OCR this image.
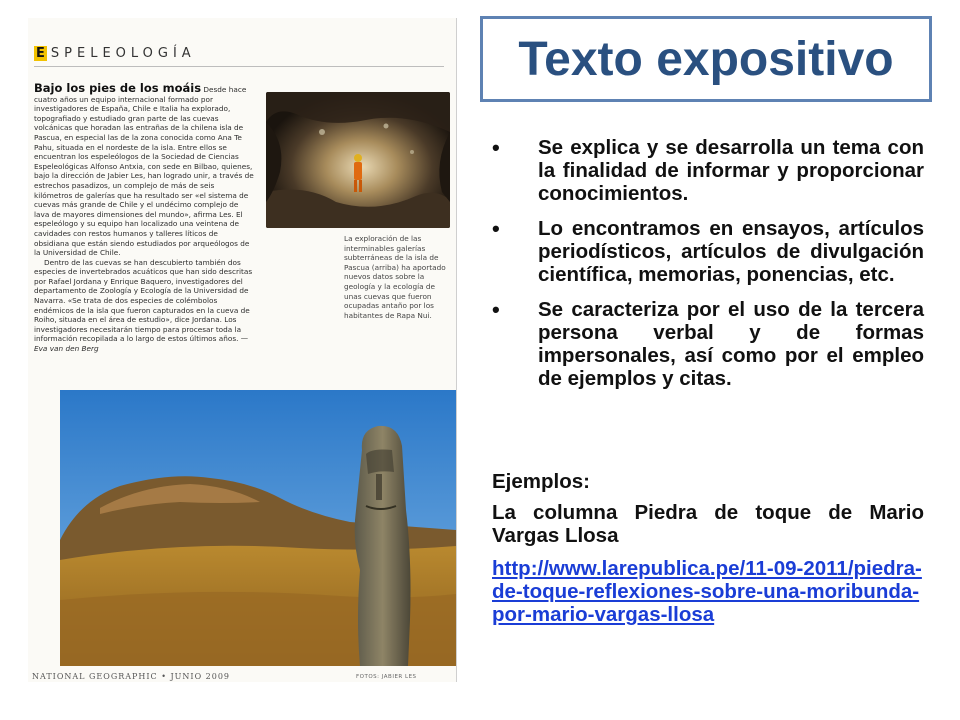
E SPELEOLOGÍA

Bajo los pies de los moáis Desde hace cuatro años un equipo internacional formado por investigadores de España, Chile e Italia ha explorado, topografiado y estudiado gran parte de las cuevas volcánicas que horadan las entrañas de la chilena isla de Pascua, en especial las de la zona conocida como Ana Te Pahu, situada en el nordeste de la isla. Entre ellos se encuentran los espeleólogos de la Sociedad de Ciencias Espeleológicas Alfonso Antxia, con sede en Bilbao, quienes, bajo la dirección de Jabier Les, han logrado unir, a través de estrechos pasadizos, un complejo de más de seis kilómetros de galerías que ha resultado ser «el sistema de cuevas más grande de Chile y el undécimo complejo de lava de mayores dimensiones del mundo», afirma Les. El espeleólogo y su equipo han localizado una veintena de cavidades con restos humanos y talleres líticos de obsidiana que están siendo estudiados por arqueólogos de la Universidad de Chile.

Dentro de las cuevas se han descubierto también dos especies de invertebrados acuáticos que han sido descritas por Rafael Jordana y Enrique Baquero, investigadores del departamento de Zoología y Ecología de la Universidad de Navarra. «Se trata de dos especies de colémbolos endémicos de la isla que fueron capturados en la cueva de Roiho, situada en el área de estudio», dice Jordana. Los investigadores necesitarán tiempo para procesar toda la información recopilada a lo largo de estos últimos años. —Eva van den Berg

La exploración de las interminables galerías subterráneas de la isla de Pascua (arriba) ha aportado nuevos datos sobre la geología y la ecología de unas cuevas que fueron ocupadas antaño por los habitantes de Rapa Nui.
NATIONAL GEOGRAPHIC • JUNIO 2009	FOTOS: JABIER LES
Texto expositivo
• Se explica y se desarrolla un tema con la finalidad de informar y proporcionar conocimientos.
• Lo encontramos en ensayos, artículos periodísticos, artículos de divulgación científica, memorias, ponencias, etc.
• Se caracteriza por el uso de la tercera persona verbal y de formas impersonales, así como por el empleo de ejemplos y citas.

Ejemplos:

La columna Piedra de toque de Mario Vargas Llosa

http://www.larepublica.pe/11-09-2011/piedra-de-toque-reflexiones-sobre-una-moribunda-por-mario-vargas-llosa
